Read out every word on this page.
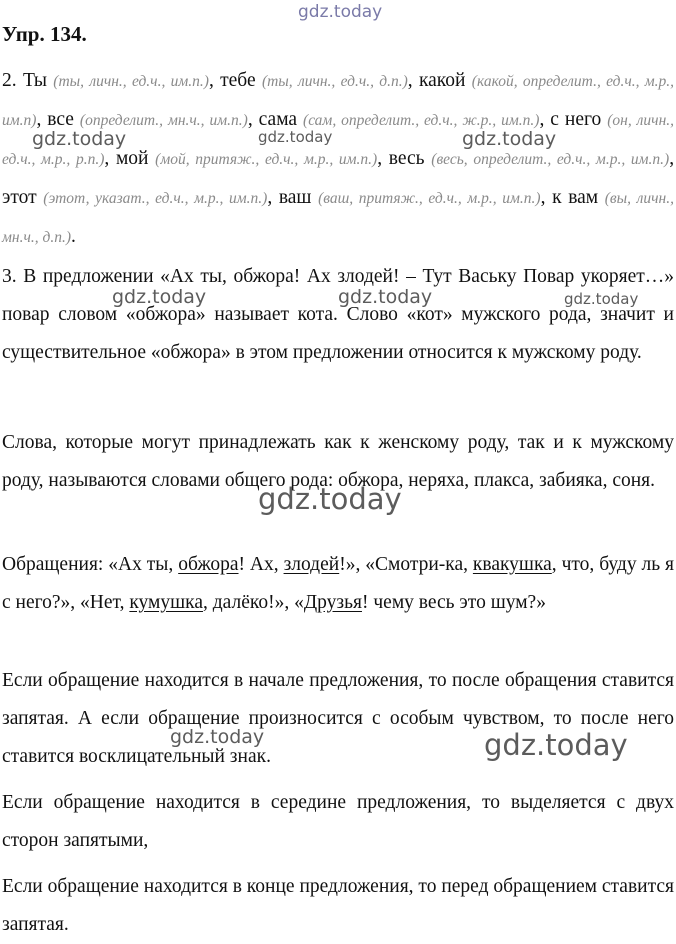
gdz.today
Упр. 134.
2. Ты (ты, личн., ед.ч., им.п.), тебе (ты, личн., ед.ч., д.п.), какой (какой, определит., ед.ч., м.р., им.п), все (определит., мн.ч., им.п.), сама (сам, определит., ед.ч., ж.р., им.п.), с него (он, личн., ед.ч., м.р., р.п.), мой (мой, притяж., ед.ч., м.р., им.п.), весь (весь, определит., ед.ч., м.р., им.п.), этот (этот, указат., ед.ч., м.р., им.п.), ваш (ваш, притяж., ед.ч., м.р., им.п.), к вам (вы, личн., мн.ч., д.п.).
3. В предложении «Ах ты, обжора! Ах злодей! – Тут Ваську Повар укоряет…» повар словом «обжора» называет кота. Слово «кот» мужского рода, значит и существительное «обжора» в этом предложении относится к мужскому роду.
Слова, которые могут принадлежать как к женскому роду, так и к мужскому роду, называются словами общего рода: обжора, неряха, плакса, забияка, соня.
Обращения: «Ах ты, обжора! Ах, злодей!», «Смотри-ка, квакушка, что, буду ль я с него?», «Нет, кумушка, далёко!», «Друзья! чему весь это шум?»
Если обращение находится в начале предложения, то после обращения ставится запятая. А если обращение произносится с особым чувством, то после него ставится восклицательный знак.
Если обращение находится в середине предложения, то выделяется с двух сторон запятыми,
Если обращение находится в конце предложения, то перед обращением ставится запятая.
gdz.today	gdz.today	gdz.today
gdz.today	gdz.today	gdz.today
gdz.today
gdz.today	gdz.today
